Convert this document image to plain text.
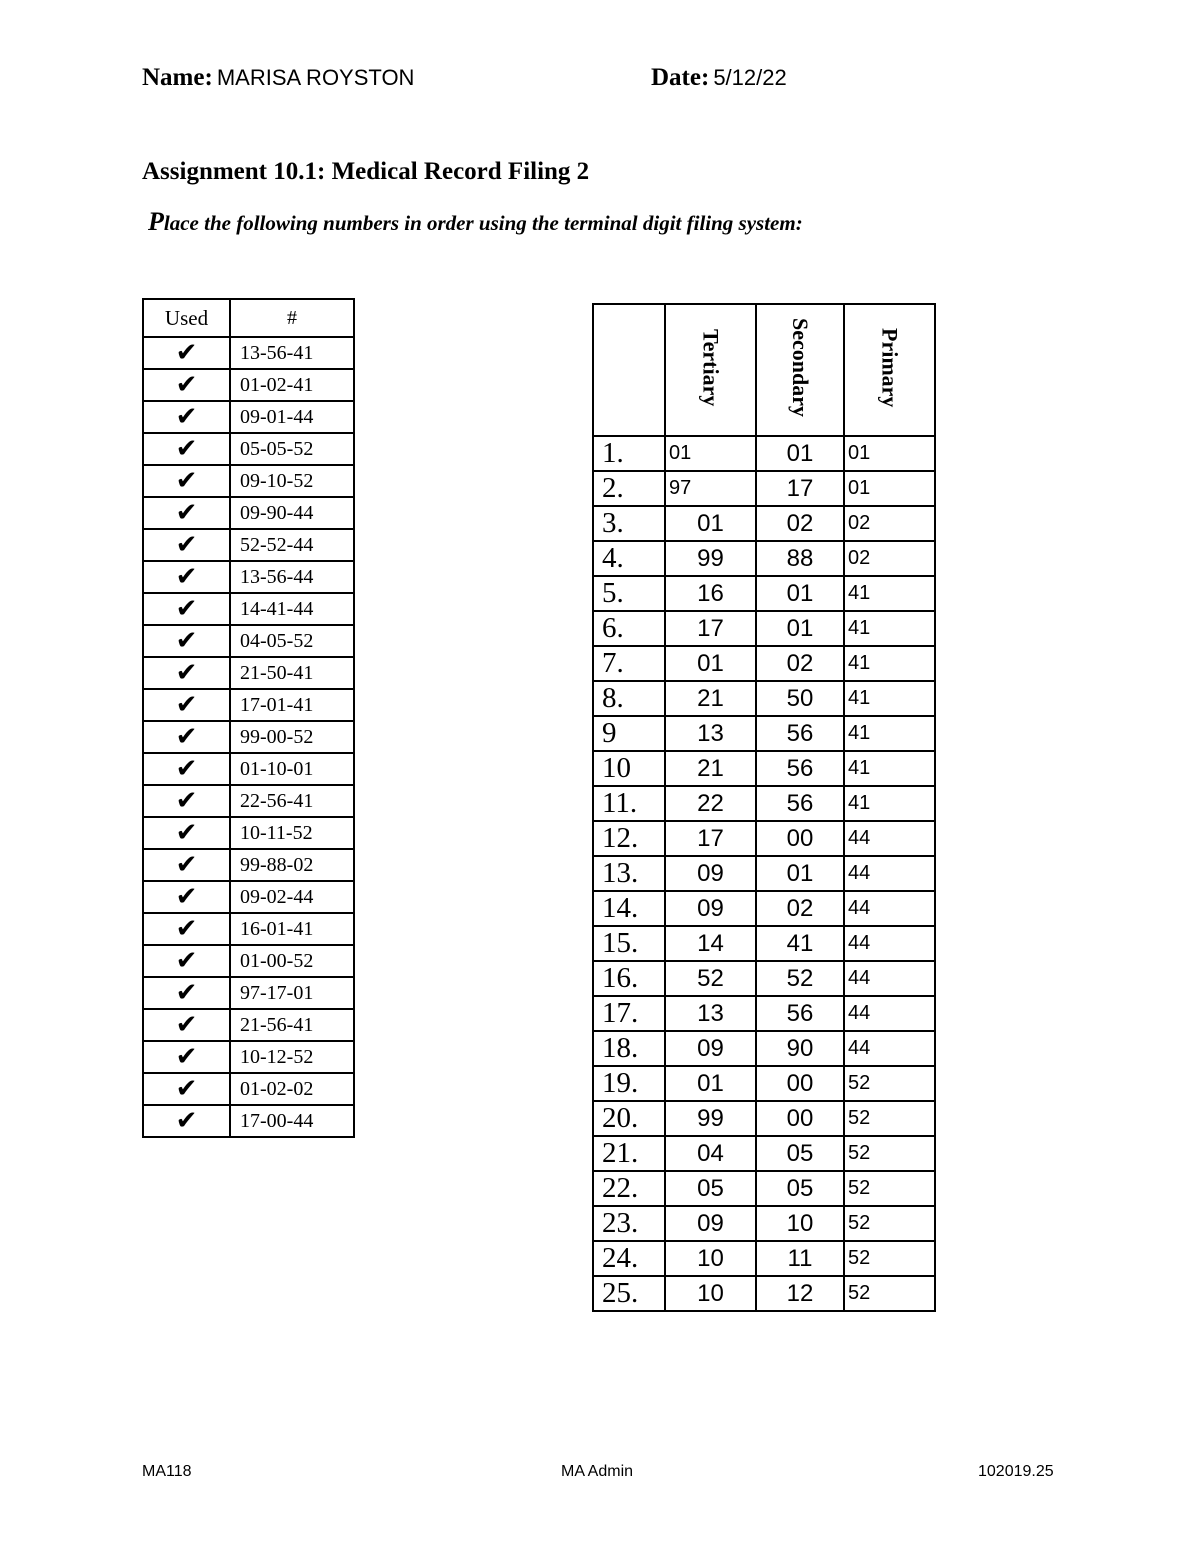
Name: MARISA ROYSTON	Date: 5/12/22
Assignment 10.1: Medical Record Filing 2
Place the following numbers in order using the terminal digit filing system:
Used	#
✔	13-56-41
✔	01-02-41
✔	09-01-44
✔	05-05-52
✔	09-10-52
✔	09-90-44
✔	52-52-44
✔	13-56-44
✔	14-41-44
✔	04-05-52
✔	21-50-41
✔	17-01-41
✔	99-00-52
✔	01-10-01
✔	22-56-41
✔	10-11-52
✔	99-88-02
✔	09-02-44
✔	16-01-41
✔	01-00-52
✔	97-17-01
✔	21-56-41
✔	10-12-52
✔	01-02-02
✔	17-00-44
	Tertiary	Secondary	Primary
1.	01	01	01
2.	97	17	01
3.	01	02	02
4.	99	88	02
5.	16	01	41
6.	17	01	41
7.	01	02	41
8.	21	50	41
9	13	56	41
10	21	56	41
11.	22	56	41
12.	17	00	44
13.	09	01	44
14.	09	02	44
15.	14	41	44
16.	52	52	44
17.	13	56	44
18.	09	90	44
19.	01	00	52
20.	99	00	52
21.	04	05	52
22.	05	05	52
23.	09	10	52
24.	10	11	52
25.	10	12	52
MA118	MA Admin	102019.25
